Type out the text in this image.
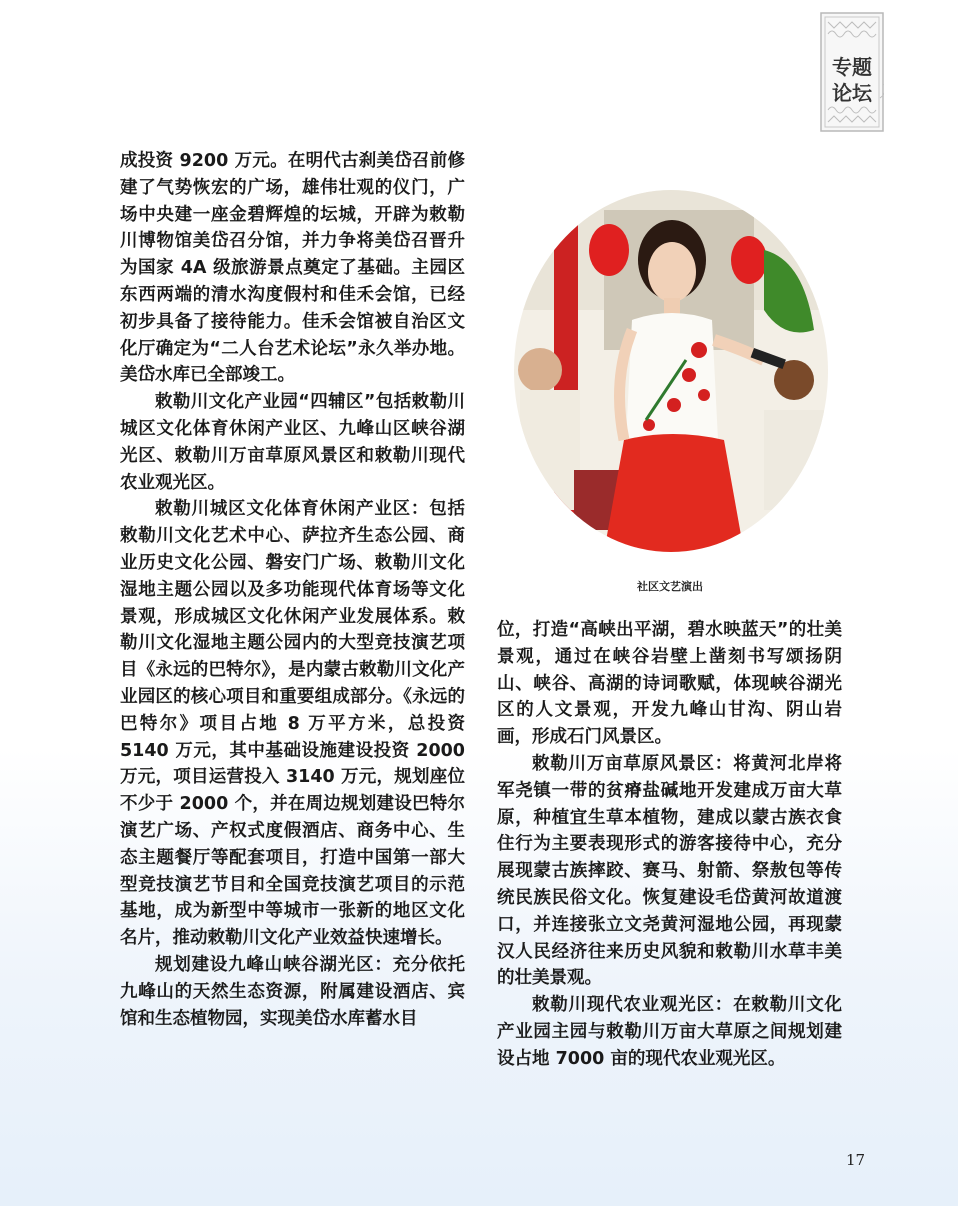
专题
论坛

成投资 9200 万元。在明代古刹美岱召前修建了气势恢宏的广场，雄伟壮观的仪门，广场中央建一座金碧辉煌的坛城，开辟为敕勒川博物馆美岱召分馆，并力争将美岱召晋升为国家 4A 级旅游景点奠定了基础。主园区东西两端的清水沟度假村和佳禾会馆，已经初步具备了接待能力。佳禾会馆被自治区文化厅确定为“二人台艺术论坛”永久举办地。美岱水库已全部竣工。

敕勒川文化产业园“四辅区”包括敕勒川城区文化体育休闲产业区、九峰山区峡谷湖光区、敕勒川万亩草原风景区和敕勒川现代农业观光区。

敕勒川城区文化体育休闲产业区：包括敕勒川文化艺术中心、萨拉齐生态公园、商业历史文化公园、磐安门广场、敕勒川文化湿地主题公园以及多功能现代体育场等文化景观，形成城区文化休闲产业发展体系。敕勒川文化湿地主题公园内的大型竞技演艺项目《永远的巴特尔》，是内蒙古敕勒川文化产业园区的核心项目和重要组成部分。《永远的巴特尔》项目占地 8 万平方米，总投资 5140 万元，其中基础设施建设投资 2000 万元，项目运营投入 3140 万元，规划座位不少于 2000 个，并在周边规划建设巴特尔演艺广场、产权式度假酒店、商务中心、生态主题餐厅等配套项目，打造中国第一部大型竞技演艺节目和全国竞技演艺项目的示范基地，成为新型中等城市一张新的地区文化名片，推动敕勒川文化产业效益快速增长。

规划建设九峰山峡谷湖光区：充分依托九峰山的天然生态资源，附属建设酒店、宾馆和生态植物园，实现美岱水库蓄水目

社区文艺演出

位，打造“高峡出平湖，碧水映蓝天”的壮美景观，通过在峡谷岩壁上凿刻书写颂扬阴山、峡谷、高湖的诗词歌赋，体现峡谷湖光区的人文景观，开发九峰山甘沟、阴山岩画，形成石门风景区。

敕勒川万亩草原风景区：将黄河北岸将军尧镇一带的贫瘠盐碱地开发建成万亩大草原，种植宜生草本植物，建成以蒙古族衣食住行为主要表现形式的游客接待中心，充分展现蒙古族摔跤、赛马、射箭、祭敖包等传统民族民俗文化。恢复建设毛岱黄河故道渡口，并连接张立文尧黄河湿地公园，再现蒙汉人民经济往来历史风貌和敕勒川水草丰美的壮美景观。

敕勒川现代农业观光区：在敕勒川文化产业园主园与敕勒川万亩大草原之间规划建设占地 7000 亩的现代农业观光区。

17
